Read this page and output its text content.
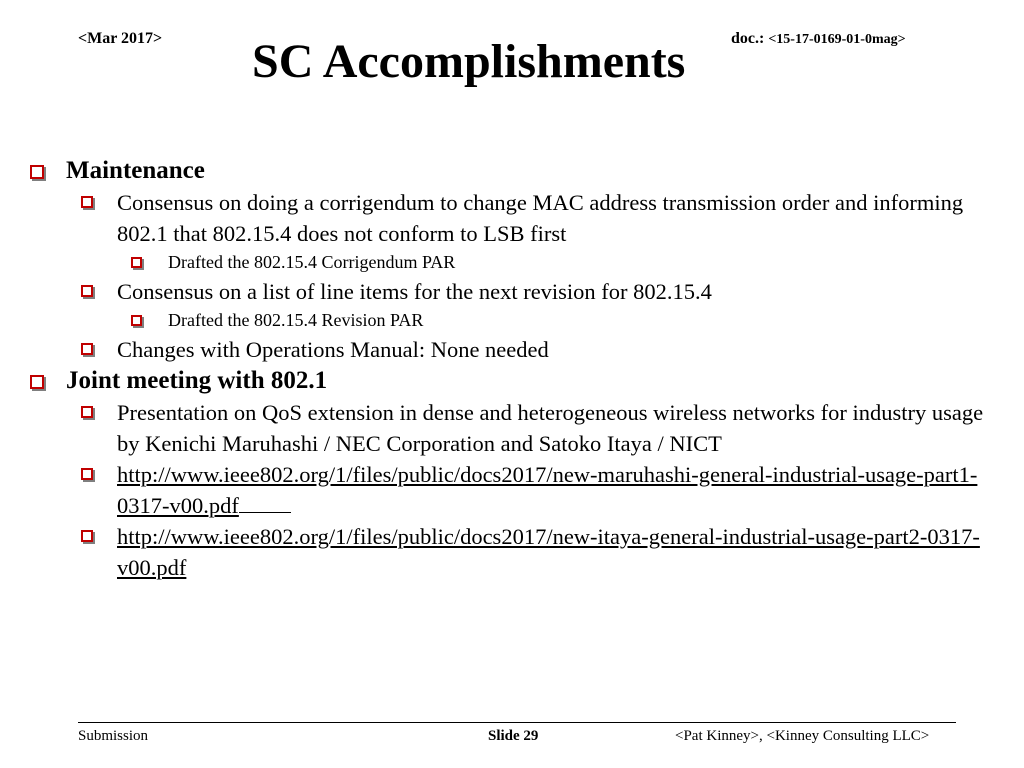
<Mar 2017> SC Accomplishments	doc.: <15-17-0169-01-0mag>
Maintenance
Consensus on doing a corrigendum to change MAC address transmission order and informing 802.1 that 802.15.4 does not conform to LSB first
Drafted the 802.15.4 Corrigendum PAR
Consensus on a list of line items for the next revision for 802.15.4
Drafted the 802.15.4 Revision PAR
Changes with Operations Manual: None needed
Joint meeting with 802.1
Presentation on QoS extension in dense and heterogeneous wireless networks for industry usage by Kenichi Maruhashi / NEC Corporation and Satoko Itaya / NICT
http://www.ieee802.org/1/files/public/docs2017/new-maruhashi-general-industrial-usage-part1-0317-v00.pdf
http://www.ieee802.org/1/files/public/docs2017/new-itaya-general-industrial-usage-part2-0317-v00.pdf
Submission	Slide 29	<Pat Kinney>, <Kinney Consulting LLC>
